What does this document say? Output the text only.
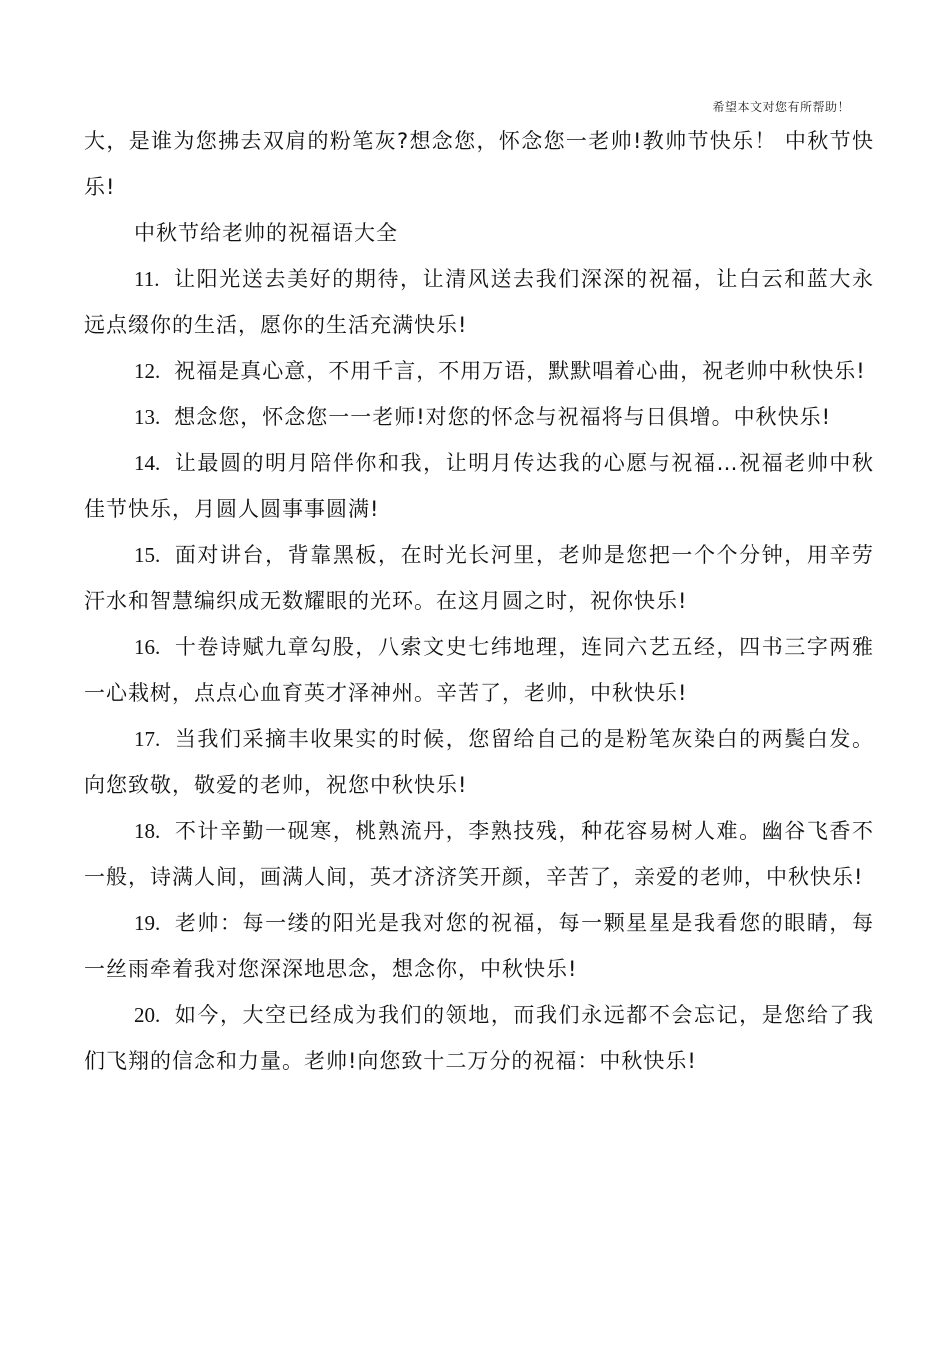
希望本文对您有所帮助！

大，是谁为您拂去双肩的粉笔灰?想念您，怀念您一老帅!教帅节快乐！ 中秋节快乐!

中秋节给老帅的祝福语大全

11. 让阳光送去美好的期待，让清风送去我们深深的祝福，让白云和蓝大永远点缀你的生活，愿你的生活充满快乐!

12. 祝福是真心意，不用千言，不用万语，默默唱着心曲，祝老帅中秋快乐!

13. 想念您，怀念您一一老师!对您的怀念与祝福将与日俱增。中秋快乐!

14. 让最圆的明月陪伴你和我，让明月传达我的心愿与祝福…祝福老帅中秋佳节快乐，月圆人圆事事圆满!

15. 面对讲台，背靠黑板，在时光长河里，老帅是您把一个个分钟，用辛劳汗水和智慧编织成无数耀眼的光环。在这月圆之时，祝你快乐!

16. 十卷诗赋九章勾股，八索文史七纬地理，连同六艺五经，四书三字两雅一心栽树，点点心血育英才泽神州。辛苦了，老帅，中秋快乐!

17. 当我们采摘丰收果实的时候，您留给自己的是粉笔灰染白的两鬓白发。向您致敬，敬爱的老帅，祝您中秋快乐!

18. 不计辛勤一砚寒，桃熟流丹，李熟技残，种花容易树人难。幽谷飞香不一般，诗满人间，画满人间，英才济济笑开颜，辛苦了，亲爱的老帅，中秋快乐!

19. 老帅：每一缕的阳光是我对您的祝福，每一颗星星是我看您的眼睛，每一丝雨牵着我对您深深地思念，想念你，中秋快乐!

20. 如今，大空已经成为我们的领地，而我们永远都不会忘记，是您给了我们飞翔的信念和力量。老帅!向您致十二万分的祝福：中秋快乐!
